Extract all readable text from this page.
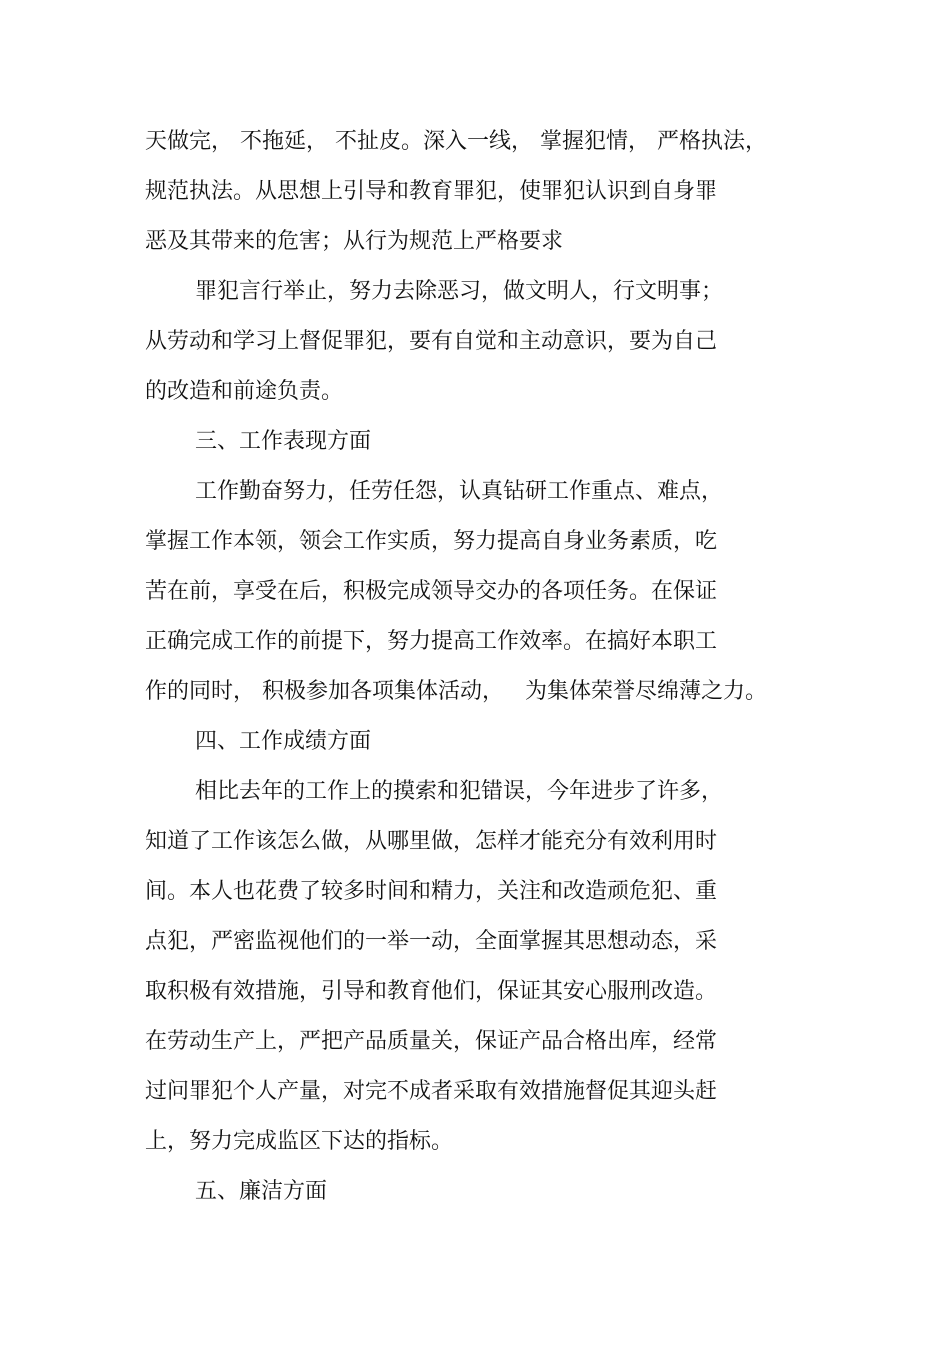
天做完， 不拖延， 不扯皮。深入一线， 掌握犯情， 严格执法，

规范执法。从思想上引导和教育罪犯，使罪犯认识到自身罪

恶及其带来的危害；从行为规范上严格要求

罪犯言行举止，努力去除恶习，做文明人，行文明事；

从劳动和学习上督促罪犯，要有自觉和主动意识，要为自己

的改造和前途负责。

三、工作表现方面

工作勤奋努力，任劳任怨，认真钻研工作重点、难点，

掌握工作本领，领会工作实质，努力提高自身业务素质，吃

苦在前，享受在后，积极完成领导交办的各项任务。在保证

正确完成工作的前提下，努力提高工作效率。在搞好本职工

作的同时， 积极参加各项集体活动，   为集体荣誉尽绵薄之力。

四、工作成绩方面

相比去年的工作上的摸索和犯错误，今年进步了许多，

知道了工作该怎么做，从哪里做，怎样才能充分有效利用时

间。本人也花费了较多时间和精力，关注和改造顽危犯、重

点犯，严密监视他们的一举一动，全面掌握其思想动态，采

取积极有效措施，引导和教育他们，保证其安心服刑改造。

在劳动生产上，严把产品质量关，保证产品合格出库，经常

过问罪犯个人产量，对完不成者采取有效措施督促其迎头赶

上，努力完成监区下达的指标。

五、廉洁方面
